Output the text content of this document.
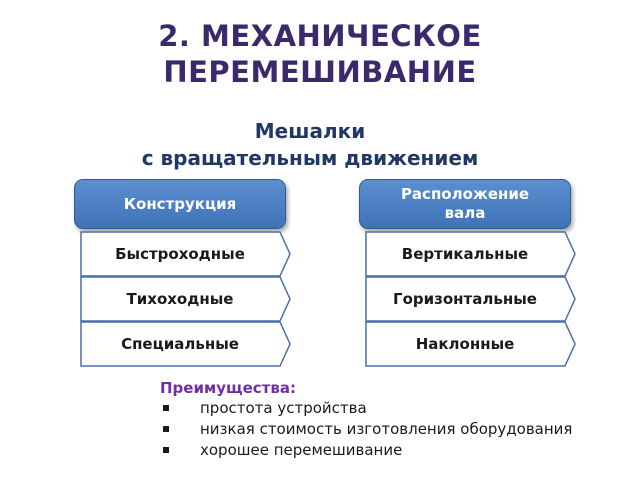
2. МЕХАНИЧЕСКОЕ
ПЕРЕМЕШИВАНИЕ
Мешалки
с вращательным движением
Конструкция
Быстроходные
Тихоходные
Специальные
Расположение
вала
Вертикальные
Горизонтальные
Наклонные
Преимущества:
простота устройства
низкая стоимость изготовления оборудования
хорошее перемешивание
